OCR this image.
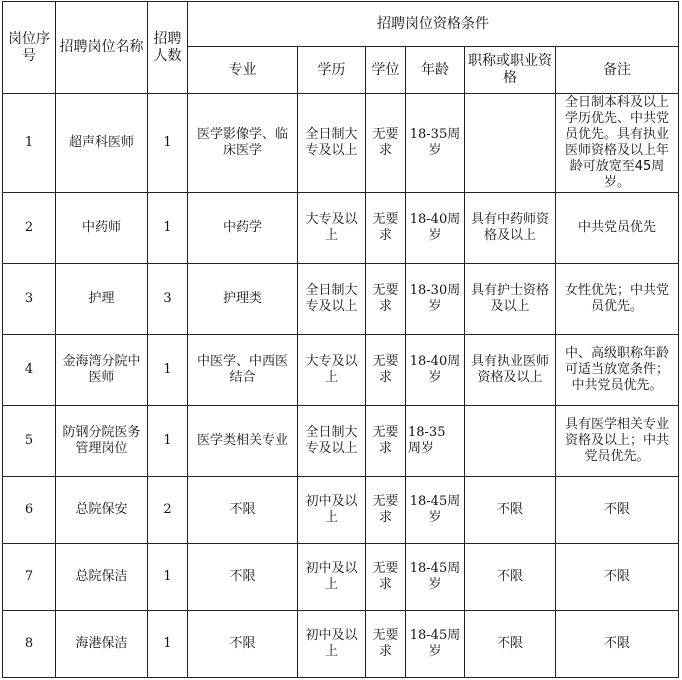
岗位序号	招聘岗位名称	招聘人数	招聘岗位资格条件					
			专业	学历	学位	年龄	职称或职业资格	备注
1	超声科医师	1	医学影像学、临床医学	全日制大专及以上	无要求	18-35周岁		全日制本科及以上学历优先、中共党员优先。具有执业医师资格及以上年龄可放宽至45周岁。
2	中药师	1	中药学	大专及以上	无要求	18-40周岁	具有中药师资格及以上	中共党员优先
3	护理	3	护理类	全日制大专及以上	无要求	18-30周岁	具有护士资格及以上	女性优先；中共党员优先。
4	金海湾分院中医师	1	中医学、中西医结合	大专及以上	无要求	18-40周岁	具有执业医师资格及以上	中、高级职称年龄可适当放宽条件；中共党员优先。
5	防钢分院医务管理岗位	1	医学类相关专业	全日制大专及以上	无要求	18-35 周岁		具有医学相关专业资格及以上；中共党员优先。
6	总院保安	2	不限	初中及以上	无要求	18-45周岁	不限	不限
7	总院保洁	1	不限	初中及以上	无要求	18-45周岁	不限	不限
8	海港保洁	1	不限	初中及以上	无要求	18-45周岁	不限	不限
